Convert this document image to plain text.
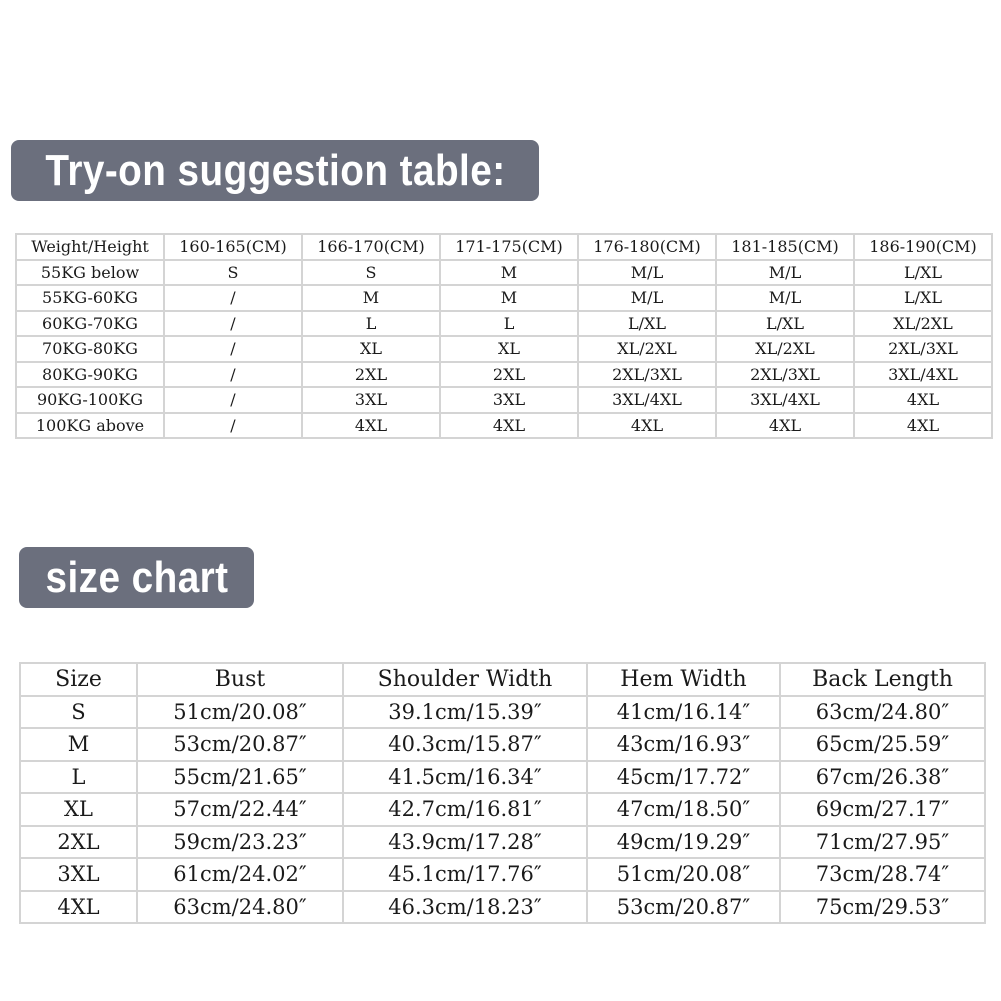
Try-on suggestion table:
Weight/Height	160-165(CM)	166-170(CM)	171-175(CM)	176-180(CM)	181-185(CM)	186-190(CM)
55KG below	S	S	M	M/L	M/L	L/XL
55KG-60KG	/	M	M	M/L	M/L	L/XL
60KG-70KG	/	L	L	L/XL	L/XL	XL/2XL
70KG-80KG	/	XL	XL	XL/2XL	XL/2XL	2XL/3XL
80KG-90KG	/	2XL	2XL	2XL/3XL	2XL/3XL	3XL/4XL
90KG-100KG	/	3XL	3XL	3XL/4XL	3XL/4XL	4XL
100KG above	/	4XL	4XL	4XL	4XL	4XL
size chart
Size	Bust	Shoulder Width	Hem Width	Back Length
S	51cm/20.08″	39.1cm/15.39″	41cm/16.14″	63cm/24.80″
M	53cm/20.87″	40.3cm/15.87″	43cm/16.93″	65cm/25.59″
L	55cm/21.65″	41.5cm/16.34″	45cm/17.72″	67cm/26.38″
XL	57cm/22.44″	42.7cm/16.81″	47cm/18.50″	69cm/27.17″
2XL	59cm/23.23″	43.9cm/17.28″	49cm/19.29″	71cm/27.95″
3XL	61cm/24.02″	45.1cm/17.76″	51cm/20.08″	73cm/28.74″
4XL	63cm/24.80″	46.3cm/18.23″	53cm/20.87″	75cm/29.53″
